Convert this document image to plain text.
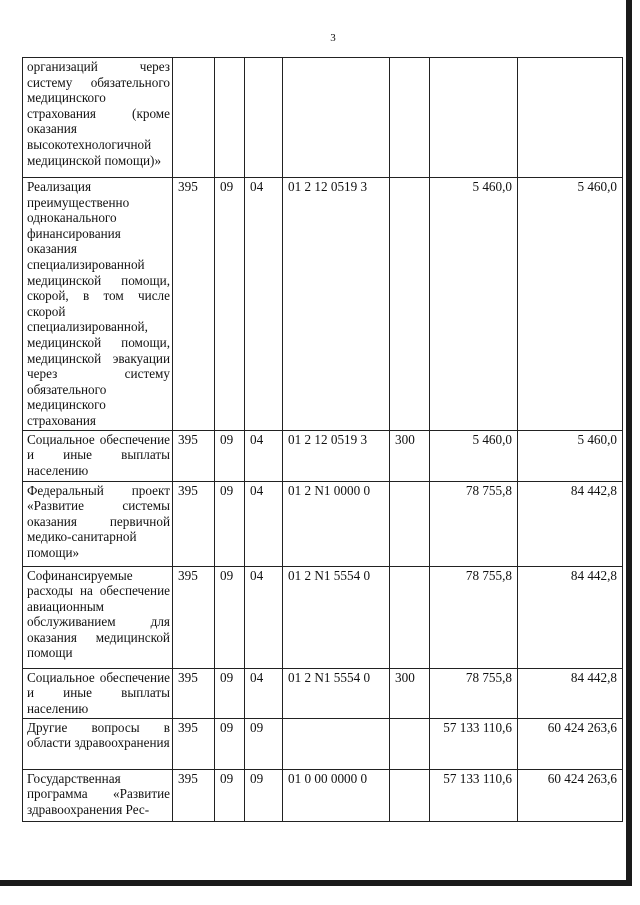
3
организаций через систему обязательного медицинского страхования (кроме оказания высокотехнологичной медицинской помощи)»							
Реализация преимущественно одноканального финансирования оказания специализированной медицинской помощи, скорой, в том числе скорой специализированной, медицинской помощи, медицинской эвакуации через систему обязательного медицинского страхования	395	09	04	01 2 12 0519 3		5 460,0	5 460,0
Социальное обеспечение и иные выплаты населению	395	09	04	01 2 12 0519 3	300	5 460,0	5 460,0
Федеральный проект «Развитие системы оказания первичной медико-санитарной помощи»	395	09	04	01 2 N1 0000 0		78 755,8	84 442,8
Софинансируемые расходы на обеспечение авиационным обслуживанием для оказания медицинской помощи	395	09	04	01 2 N1 5554 0		78 755,8	84 442,8
Социальное обеспечение и иные выплаты населению	395	09	04	01 2 N1 5554 0	300	78 755,8	84 442,8
Другие вопросы в области здравоохранения	395	09	09			57 133 110,6	60 424 263,6
Государственная программа «Развитие здравоохранения Рес-	395	09	09	01 0 00 0000 0		57 133 110,6	60 424 263,6
